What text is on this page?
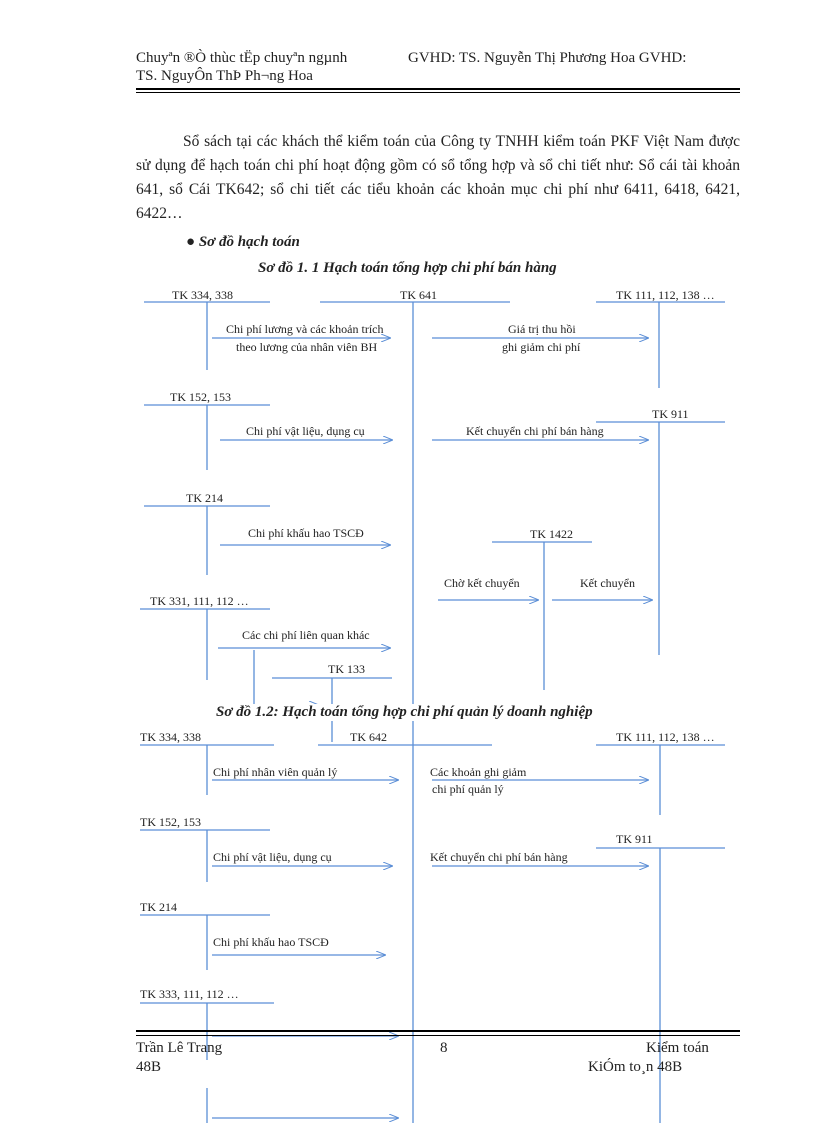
Chuyªn ®Ò thùc tËp chuyªn ngµnh	GVHD: TS. Nguyễn Thị Phương Hoa GVHD:
TS. NguyÔn ThÞ Ph¬ng Hoa

Sổ sách tại các khách thể kiểm toán của Công ty TNHH kiểm toán PKF Việt Nam được sử dụng để hạch toán chi phí hoạt động gồm có sổ tổng hợp và sổ chi tiết như: Sổ cái tài khoản 641, sổ Cái TK642; sổ chi tiết các tiểu khoản các khoản mục chi phí như 6411, 6418, 6421, 6422…

● Sơ đồ hạch toán
Sơ đồ 1. 1 Hạch toán tổng hợp chi phí bán hàng
TK 334, 338	TK 641	TK 111, 112, 138 …
TK 152, 153
TK 911
TK 214
TK 1422
TK 331, 111, 112 …
TK 133
Chi phí lương và các khoản trích
theo lương của nhân viên BH
Giá trị thu hồi
ghi giảm chi phí
Chi phí vật liệu, dụng cụ	Kết chuyển chi phí bán hàng
Chi phí khấu hao TSCĐ
Chờ kết chuyển	Kết chuyển
Các chi phí liên quan khác
Sơ đồ 1.2: Hạch toán tổng hợp chi phí quản lý doanh nghiệp
TK 334, 338	TK 642	TK 111, 112, 138 …
TK 152, 153
TK 911
TK 214
TK 333, 111, 112 …
Chi phí nhân viên quản lý	Các khoản ghi giảm
chi phí quản lý
Chi phí vật liệu, dụng cụ	Kết chuyển chi phí bán hàng
Chi phí khấu hao TSCĐ
Trần Lê Trang
48B
8	Kiểm toán
KiÓm to¸n 48B
